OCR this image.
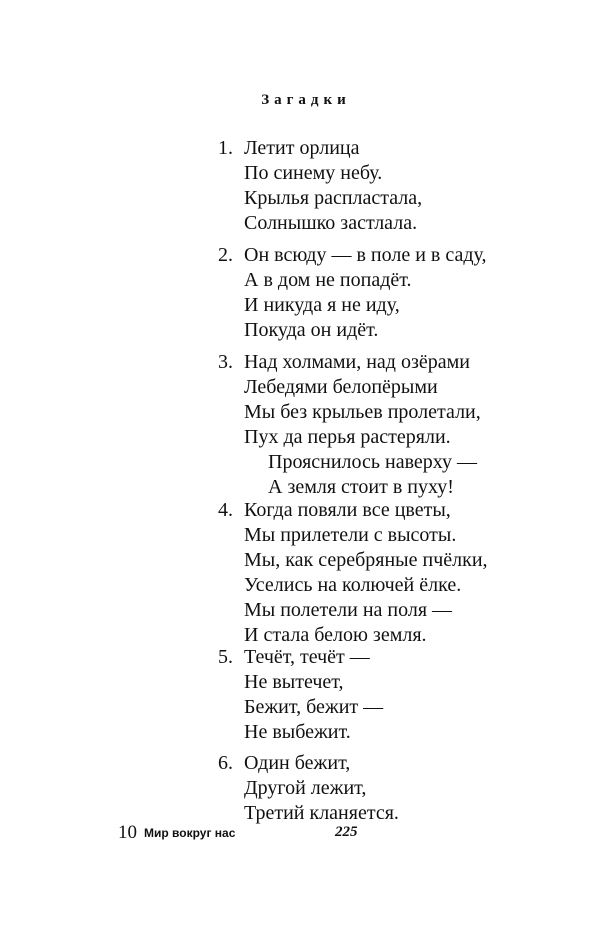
Загадки
1. Летит орлица
По синему небу.
Крылья распластала,
Солнышко застлала.
2. Он всюду — в поле и в саду,
А в дом не попадёт.
И никуда я не иду,
Покуда он идёт.
3. Над холмами, над озёрами
Лебедями белопёрыми
Мы без крыльев пролетали,
Пух да перья растеряли.
Прояснилось наверху —
А земля стоит в пуху!
4. Когда повяли все цветы,
Мы прилетели с высоты.
Мы, как серебряные пчёлки,
Уселись на колючей ёлке.
Мы полетели на поля —
И стала белою земля.
5. Течёт, течёт —
Не вытечет,
Бежит, бежит —
Не выбежит.
6. Один бежит,
Другой лежит,
Третий кланяется.
10 Мир вокруг нас	225
